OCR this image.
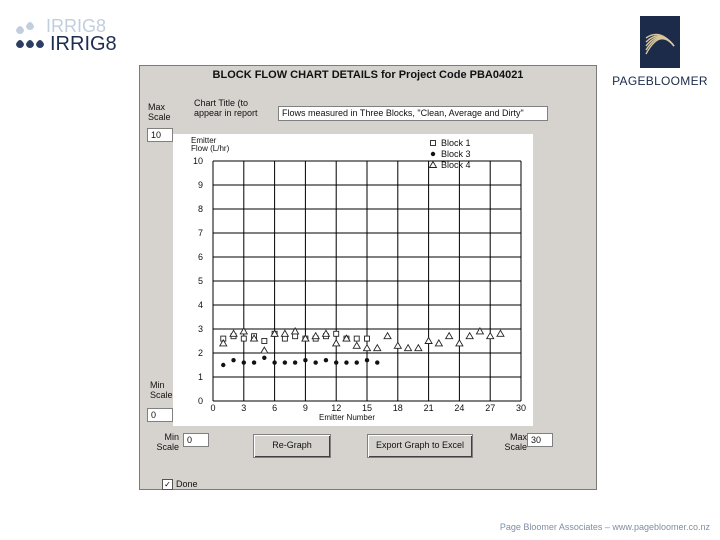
IRRIG8
IRRIG8
PAGEBLOOMER
BLOCK FLOW CHART DETAILS for Project Code PBA04021
Max Scale
10
Chart Title (to appear in report	Flows measured in Three Blocks, "Clean, Average and Dirty"
Min Scale
0
0
1
2
3
4
5
6
7
8
9
10
0	3	6	9	12 15 18 21 24 27 30
Emitter
Flow (L/hr)
Emitter Number
Block 1
Block 3
Block 4
Min Scale
0	Re-Graph	Export Graph to Excel
Max Scale
30
✓ Done
Page Bloomer Associates – www.pagebloomer.co.nz
